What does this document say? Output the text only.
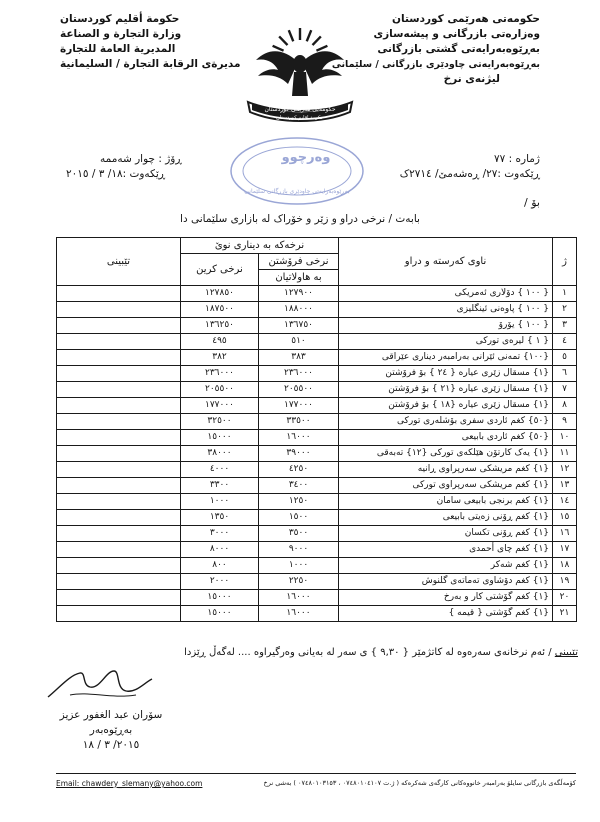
حکومەتی هەرێمی کوردستان
وەزارەتی بازرگانی و پیشەسازی
بەڕێوەبەرایەتی گشتی بازرگانی
بەڕێوەبەرایەتی چاودێری بازرگانی / سلێمانی
لیژنەی نرخ
حکومة أقلیم کوردستان
وزارة التجارة و الصناعة
المدیریة العامة للتجارة
مدیرةی الرقابة التجارة / السلیمانیة
حکومەتی هەرێمی کوردستان
حکومة اقلیم کوردستان
وەرچوو
بەڕێوەبەرایەتی چاودێری بازرگانی سلێمانی
ژمارە : ٧٧
ڕێکەوت :٢٧/ ڕەشەمێ/ ٢٧١٤ک
ڕۆژ : چوار شەممە
ڕێکەوت :١٨/ ٣ / ٢٠١٥
بۆ /
بابەت / نرخی دراو و زێر و خۆراک لە بازاری سلێمانی دا
ژ	ناوی کەرستە و دراو	نرخەکە بە دیناری نوێ		تێبینی
		نرخی فرۆشتن	نرخی کرین	
		بە هاولاتیان		
١	{ ١٠٠ } دۆلاری ئەمریکی	١٢٧٩٠٠	١٢٧٨٥٠	
٢	{ ١٠٠ } پاوەنی ئینگلیزی	١٨٨٠٠٠	١٨٧٥٠٠	
٣	{ ١٠٠ } یۆرۆ	١٣٦٧٥٠	١٣٦٢٥٠	
٤	{ ١ } لیرەی تورکی	٥١٠	٤٩٥	
٥	{١٠٠} تمەنی ئێرانی بەرامبەر دیناری عێراقی	٣٨٣	٣٨٢	
٦	{١} مسقال زێری عیارە { ٢٤ } بۆ فرۆشتن	٢٣٦٠٠٠	٢٣٦٠٠٠	
٧	{١} مسقال زێری عیارە {٢١ } بۆ فرۆشتن	٢٠٥٥٠٠	٢٠٥٥٠٠	
٨	{١} مسقال زێری عیارە {١٨ } بۆ فرۆشتن	١٧٧٠٠٠	١٧٧٠٠٠	
٩	{٥٠} کغم ئاردی سفری بۆشلەری تورکی	٣٣٥٠٠	٣٢٥٠٠	
١٠	{٥٠} کغم ئاردی بابیعی	١٦٠٠٠	١٥٠٠٠	
١١	{١} یەک کارتۆن هێلکەی تورکی {١٢} تەبەقی	٣٩٠٠٠	٣٨٠٠٠	
١٢	{١} کغم مریشکی سەرپراوی ڕانیە	٤٢٥٠	٤٠٠٠	
١٣	{١} کغم مریشکی سەرپراوی تورکی	٣٤٠٠	٣٣٠٠	
١٤	{١} کغم برنجی بابیعی سامان	١٢٥٠	١٠٠٠	
١٥	{١} کغم ڕۆنی زەیتی بابیعی	١٥٠٠	١٣٥٠	
١٦	{١} کغم ڕۆنی تکسان	٣٥٠٠	٣٠٠٠	
١٧	{١} کغم چای أحمدی	٩٠٠٠	٨٠٠٠	
١٨	{١} کغم شەکر	١٠٠٠	٨٠٠	
١٩	{١} کغم دۆشاوی تەماتەی گلنوش	٢٢٥٠	٢٠٠٠	
٢٠	{١} کغم گۆشتی کار و بەرخ	١٦٠٠٠	١٥٠٠٠	
٢١	{١} کغم گۆشتی { قیمە }	١٦٠٠٠	١٥٠٠٠	
تێبینی / ئەم نرخانەی سەرەوە لە کاتژمێر { ٩,٣٠ } ی سەر لە بەیانی وەرگیراوە .... لەگەڵ ڕێزدا
سۆران عبد الغفور عزیز
بەڕێوەبەر
٢٠١٥/ ٣ / ١٨
Email: chawdery_slemany@yahoo.com	کۆمەڵگەی بازرگانی سایلۆ بەرامبەر خانووەکانی کارگەی شەکرەکە ( ژ.ت ٠٧٤٨٠١٠٤١٠٧ ، ٠٧٤٨٠١٠٣١٥٣ ) بەشی نرخ
